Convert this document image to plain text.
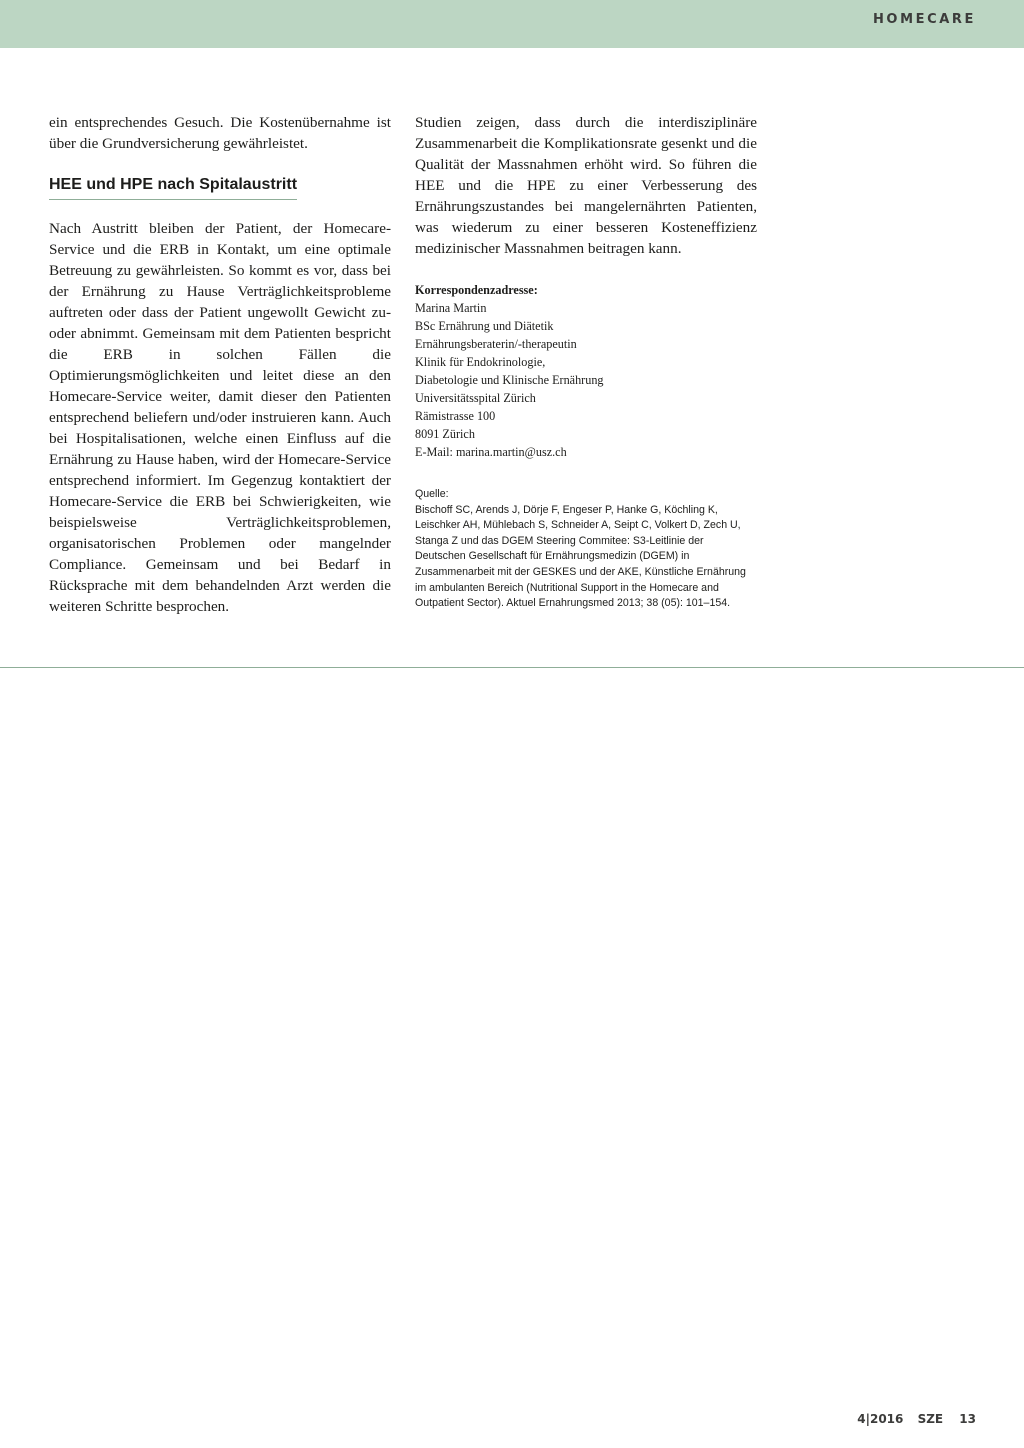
HOMECARE

ein entsprechendes Gesuch. Die Kostenübernahme ist über die Grundversicherung gewährleistet.

HEE und HPE nach Spitalaustritt

Nach Austritt bleiben der Patient, der Homecare-Service und die ERB in Kontakt, um eine optimale Betreuung zu gewährleisten. So kommt es vor, dass bei der Ernährung zu Hause Verträglichkeitsprobleme auftreten oder dass der Patient ungewollt Gewicht zu- oder abnimmt. Gemeinsam mit dem Patienten bespricht die ERB in solchen Fällen die Optimierungsmöglichkeiten und leitet diese an den Homecare-Service weiter, damit dieser den Patienten entsprechend beliefern und/oder instruieren kann. Auch bei Hospitalisationen, welche einen Einfluss auf die Ernährung zu Hause haben, wird der Homecare-Service entsprechend informiert. Im Gegenzug kontaktiert der Homecare-Service die ERB bei Schwierigkeiten, wie beispielsweise Verträglichkeitsproblemen, organisatorischen Problemen oder mangelnder Compliance. Gemeinsam und bei Bedarf in Rücksprache mit dem behandelnden Arzt werden die weiteren Schritte besprochen.

Studien zeigen, dass durch die interdisziplinäre Zusammenarbeit die Komplikationsrate gesenkt und die Qualität der Massnahmen erhöht wird. So führen die HEE und die HPE zu einer Verbesserung des Ernährungszustandes bei mangelernährten Patienten, was wiederum zu einer besseren Kosteneffizienz medizinischer Massnahmen beitragen kann.

Korrespondenzadresse:
Marina Martin
BSc Ernährung und Diätetik
Ernährungsberaterin/-therapeutin
Klinik für Endokrinologie,
Diabetologie und Klinische Ernährung
Universitätsspital Zürich
Rämistrasse 100
8091 Zürich
E-Mail: marina.martin@usz.ch
Quelle:
Bischoff SC, Arends J, Dörje F, Engeser P, Hanke G, Köchling K, Leischker AH, Mühlebach S, Schneider A, Seipt C, Volkert D, Zech U, Stanga Z und das DGEM Steering Commitee: S3-Leitlinie der Deutschen Gesellschaft für Ernährungsmedizin (DGEM) in Zusammenarbeit mit der GESKES und der AKE, Künstliche Ernährung im ambulanten Bereich (Nutritional Support in the Homecare and Outpatient Sector). Aktuel Ernahrungsmed 2013; 38 (05): 101–154.
4|2016 SZE 13
